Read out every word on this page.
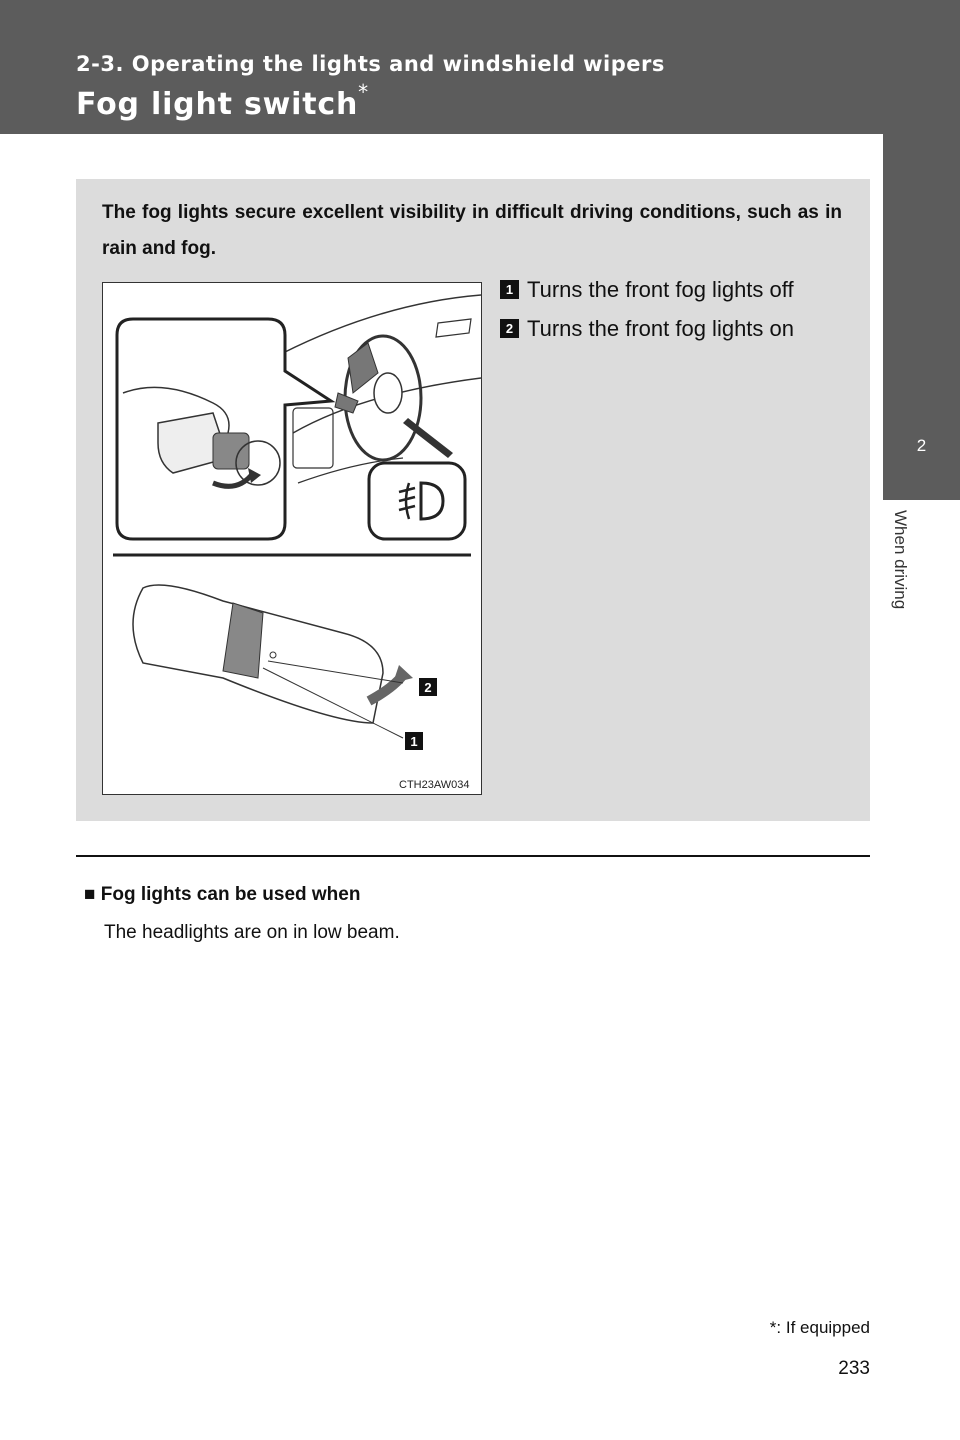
2-3. Operating the lights and windshield wipers
Fog light switch*
2
When driving
The fog lights secure excellent visibility in difficult driving conditions, such as in rain and fog.
2
1
CTH23AW034
1 Turns the front fog lights off
2 Turns the front fog lights on
■ Fog lights can be used when
The headlights are on in low beam.
*: If equipped
233
